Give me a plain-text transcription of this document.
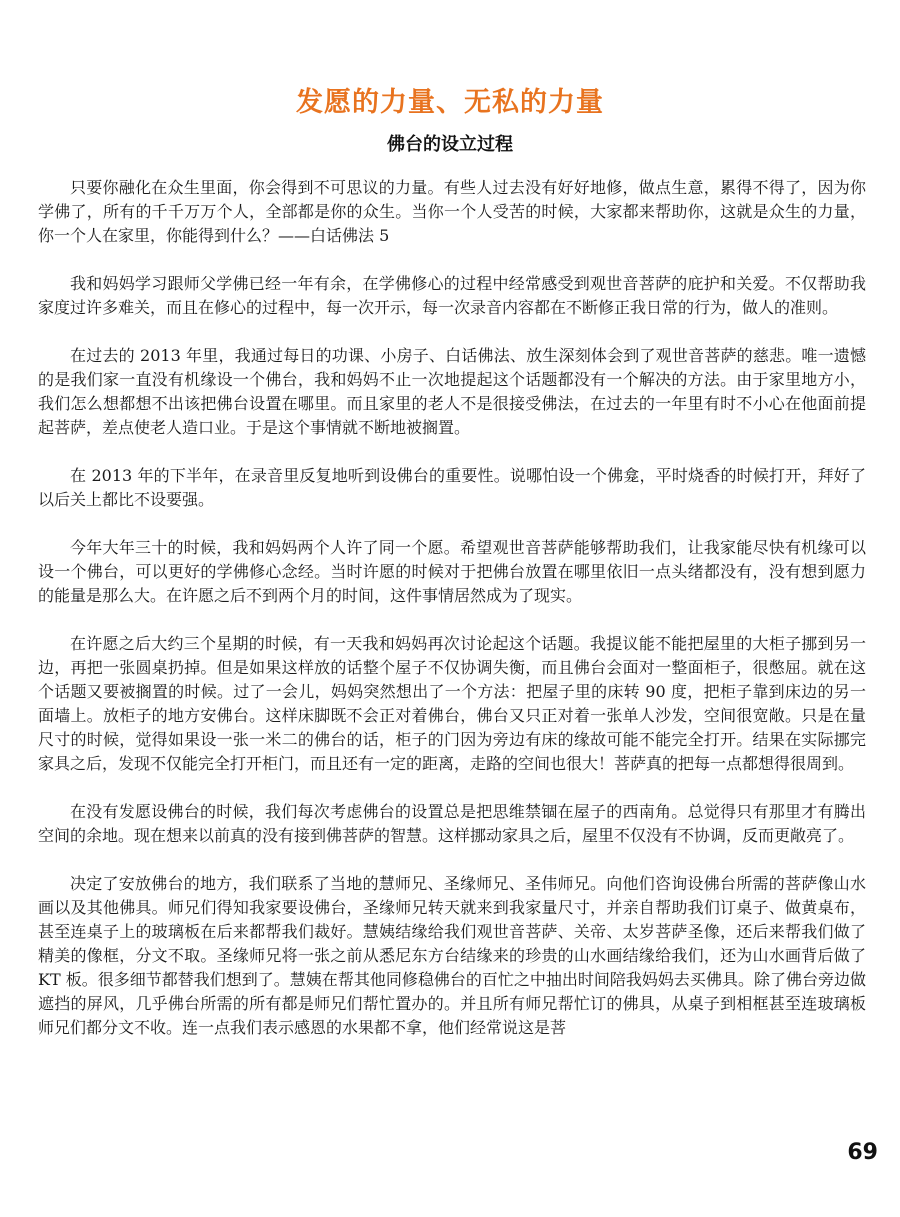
发愿的力量、无私的力量
佛台的设立过程

只要你融化在众生里面，你会得到不可思议的力量。有些人过去没有好好地修，做点生意，累得不得了，因为你学佛了，所有的千千万万个人，全部都是你的众生。当你一个人受苦的时候，大家都来帮助你，这就是众生的力量，你一个人在家里，你能得到什么？——白话佛法 5

我和妈妈学习跟师父学佛已经一年有余，在学佛修心的过程中经常感受到观世音菩萨的庇护和关爱。不仅帮助我家度过许多难关，而且在修心的过程中，每一次开示，每一次录音内容都在不断修正我日常的行为，做人的准则。

在过去的 2013 年里，我通过每日的功课、小房子、白话佛法、放生深刻体会到了观世音菩萨的慈悲。唯一遗憾的是我们家一直没有机缘设一个佛台，我和妈妈不止一次地提起这个话题都没有一个解决的方法。由于家里地方小，我们怎么想都想不出该把佛台设置在哪里。而且家里的老人不是很接受佛法，在过去的一年里有时不小心在他面前提起菩萨，差点使老人造口业。于是这个事情就不断地被搁置。

在 2013 年的下半年，在录音里反复地听到设佛台的重要性。说哪怕设一个佛龛，平时烧香的时候打开，拜好了以后关上都比不设要强。

今年大年三十的时候，我和妈妈两个人许了同一个愿。希望观世音菩萨能够帮助我们，让我家能尽快有机缘可以设一个佛台，可以更好的学佛修心念经。当时许愿的时候对于把佛台放置在哪里依旧一点头绪都没有，没有想到愿力的能量是那么大。在许愿之后不到两个月的时间，这件事情居然成为了现实。

在许愿之后大约三个星期的时候，有一天我和妈妈再次讨论起这个话题。我提议能不能把屋里的大柜子挪到另一边，再把一张圆桌扔掉。但是如果这样放的话整个屋子不仅协调失衡，而且佛台会面对一整面柜子，很憋屈。就在这个话题又要被搁置的时候。过了一会儿，妈妈突然想出了一个方法：把屋子里的床转 90 度，把柜子靠到床边的另一面墙上。放柜子的地方安佛台。这样床脚既不会正对着佛台，佛台又只正对着一张单人沙发，空间很宽敞。只是在量尺寸的时候，觉得如果设一张一米二的佛台的话，柜子的门因为旁边有床的缘故可能不能完全打开。结果在实际挪完家具之后，发现不仅能完全打开柜门，而且还有一定的距离，走路的空间也很大！菩萨真的把每一点都想得很周到。

在没有发愿设佛台的时候，我们每次考虑佛台的设置总是把思维禁锢在屋子的西南角。总觉得只有那里才有腾出空间的余地。现在想来以前真的没有接到佛菩萨的智慧。这样挪动家具之后，屋里不仅没有不协调，反而更敞亮了。

决定了安放佛台的地方，我们联系了当地的慧师兄、圣缘师兄、圣伟师兄。向他们咨询设佛台所需的菩萨像山水画以及其他佛具。师兄们得知我家要设佛台，圣缘师兄转天就来到我家量尺寸，并亲自帮助我们订桌子、做黄桌布，甚至连桌子上的玻璃板在后来都帮我们裁好。慧姨结缘给我们观世音菩萨、关帝、太岁菩萨圣像，还后来帮我们做了精美的像框，分文不取。圣缘师兄将一张之前从悉尼东方台结缘来的珍贵的山水画结缘给我们，还为山水画背后做了 KT 板。很多细节都替我们想到了。慧姨在帮其他同修稳佛台的百忙之中抽出时间陪我妈妈去买佛具。除了佛台旁边做遮挡的屏风，几乎佛台所需的所有都是师兄们帮忙置办的。并且所有师兄帮忙订的佛具，从桌子到相框甚至连玻璃板师兄们都分文不收。连一点我们表示感恩的水果都不拿，他们经常说这是菩

69
